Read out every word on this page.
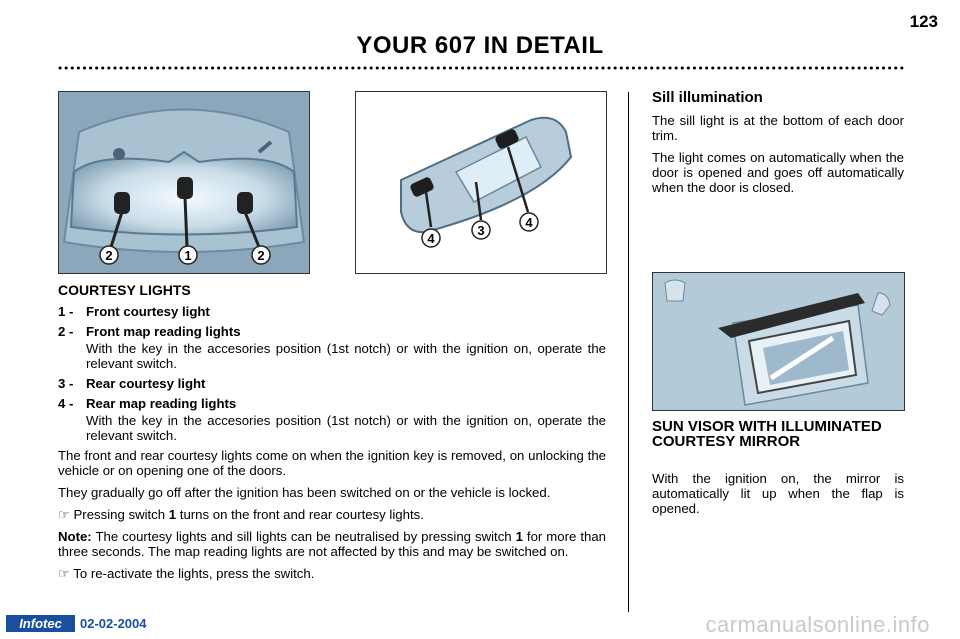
123
YOUR 607 IN DETAIL
2	1	2
4
3
4
COURTESY LIGHTS
1 - Front courtesy light
2 - Front map reading lights

With the key in the accesories position (1st notch) or with the ignition on, operate the relevant switch.

3 - Rear courtesy light
4 - Rear map reading lights

With the key in the accesories position (1st notch) or with the ignition on, operate the relevant switch.

The front and rear courtesy lights come on when the ignition key is removed, on unlocking the vehicle or on opening one of the doors.

They gradually go off after the ignition has been switched on or the vehicle is locked.

☞ Pressing switch 1 turns on the front and rear courtesy lights.

Note: The courtesy lights and sill lights can be neutralised by pressing switch 1 for more than three seconds. The map reading lights are not affected by this and may be switched on.

☞ To re-activate the lights, press the switch.

Sill illumination

The sill light is at the bottom of each door trim.

The light comes on automatically when the door is opened and goes off automatically when the door is closed.

SUN VISOR WITH ILLUMINATED COURTESY MIRROR

With the ignition on, the mirror is automatically lit up when the flap is opened.

Infotec	02-02-2004	carmanualsonline.info
